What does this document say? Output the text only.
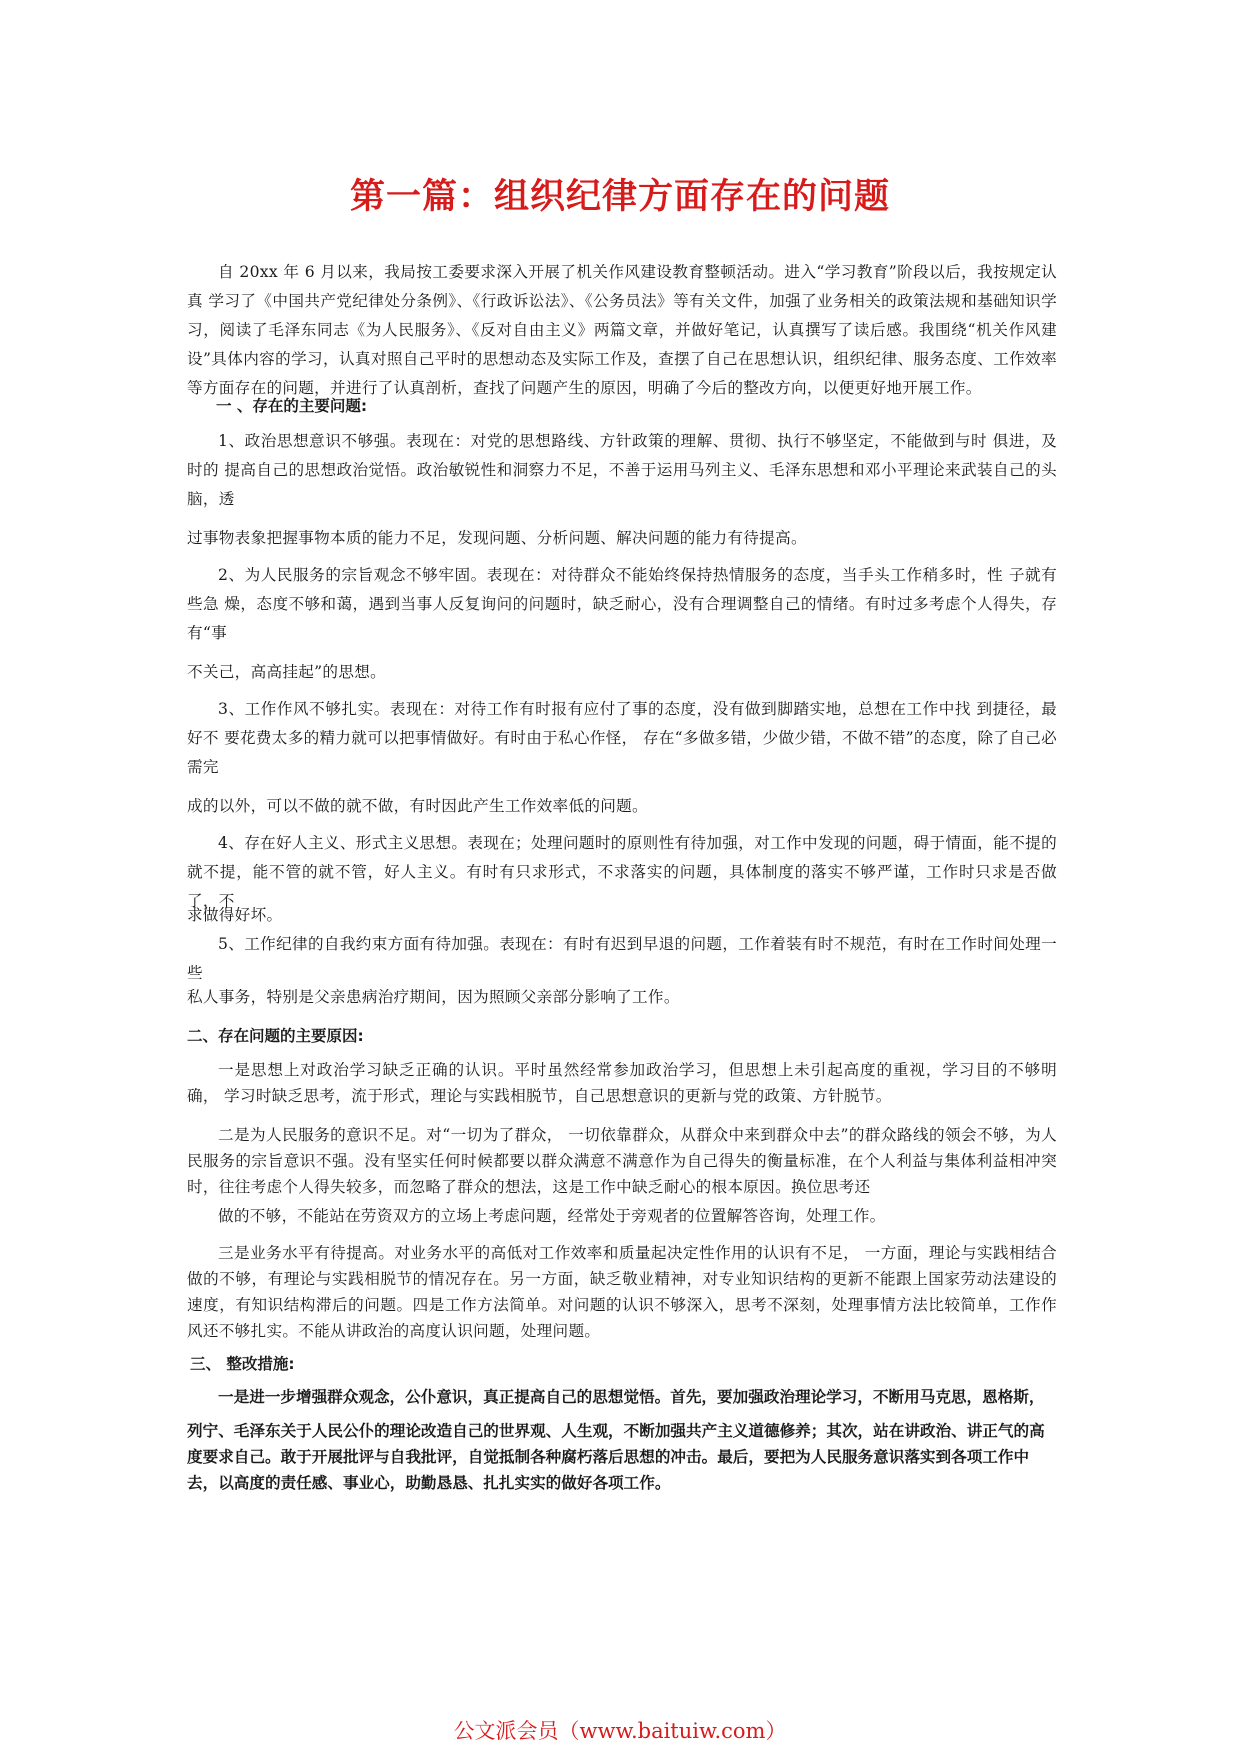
第一篇：组织纪律方面存在的问题

自 20xx 年 6 月以来，我局按工委要求深入开展了机关作风建设教育整顿活动。进入“学习教育”阶段以后，我按规定认真 学习了《中国共产党纪律处分条例》、《行政诉讼法》、《公务员法》等有关文件，加强了业务相关的政策法规和基础知识学 习，阅读了毛泽东同志《为人民服务》、《反对自由主义》两篇文章，并做好笔记，认真撰写了读后感。我围绕“机关作风建 设”具体内容的学习，认真对照自己平时的思想动态及实际工作及，查摆了自己在思想认识，组织纪律、服务态度、工作效率 等方面存在的问题，并进行了认真剖析，查找了问题产生的原因，明确了今后的整改方向，以便更好地开展工作。

一 、存在的主要问题:

1、政治思想意识不够强。表现在：对党的思想路线、方针政策的理解、贯彻、执行不够坚定，不能做到与时 俱进，及时的 提高自己的思想政治觉悟。政治敏锐性和洞察力不足，不善于运用马列主义、毛泽东思想和邓小平理论来武装自己的头脑，透

过事物表象把握事物本质的能力不足，发现问题、分析问题、解决问题的能力有待提高。

2、为人民服务的宗旨观念不够牢固。表现在：对待群众不能始终保持热情服务的态度，当手头工作稍多时，性 子就有些急 燥，态度不够和蔼，遇到当事人反复询问的问题时，缺乏耐心，没有合理调整自己的情绪。有时过多考虑个人得失，存有“事

不关己，高高挂起”的思想。

3、工作作风不够扎实。表现在：对待工作有时报有应付了事的态度，没有做到脚踏实地，总想在工作中找 到捷径，最好不 要花费太多的精力就可以把事情做好。有时由于私心作怪， 存在“多做多错，少做少错，不做不错”的态度，除了自己必需完

成的以外，可以不做的就不做，有时因此产生工作效率低的问题。

4、存在好人主义、形式主义思想。表现在；处理问题时的原则性有待加强，对工作中发现的问题，碍于情面，能不提的就不提，能不管的就不管，好人主义。有时有只求形式，不求落实的问题，具体制度的落实不够严谨，工作时只求是否做了，不

求做得好坏。

5、工作纪律的自我约束方面有待加强。表现在：有时有迟到早退的问题，工作着装有时不规范，有时在工作时间处理一些

私人事务，特别是父亲患病治疗期间，因为照顾父亲部分影响了工作。

二、存在问题的主要原因:

一是思想上对政治学习缺乏正确的认识。平时虽然经常参加政治学习，但思想上未引起高度的重视，学习目的不够明确， 学习时缺乏思考，流于形式，理论与实践相脱节，自己思想意识的更新与党的政策、方针脱节。

二是为人民服务的意识不足。对“一切为了群众， 一切依靠群众，从群众中来到群众中去”的群众路线的领会不够，为人民服务的宗旨意识不强。没有坚实任何时候都要以群众满意不满意作为自己得失的衡量标准，在个人利益与集体利益相冲突时，往往考虑个人得失较多，而忽略了群众的想法，这是工作中缺乏耐心的根本原因。换位思考还

做的不够，不能站在劳资双方的立场上考虑问题，经常处于旁观者的位置解答咨询，处理工作。

三是业务水平有待提高。对业务水平的高低对工作效率和质量起决定性作用的认识有不足， 一方面，理论与实践相结合做的不够，有理论与实践相脱节的情况存在。另一方面，缺乏敬业精神，对专业知识结构的更新不能跟上国家劳动法建设的速度，有知识结构滞后的问题。四是工作方法简单。对问题的认识不够深入，思考不深刻，处理事情方法比较简单，工作作风还不够扎实。不能从讲政治的高度认识问题，处理问题。

三、 整改措施:

一是进一步增强群众观念，公仆意识，真正提高自己的思想觉悟。首先，要加强政治理论学习，不断用马克思，恩格斯，

列宁、毛泽东关于人民公仆的理论改造自己的世界观、人生观，不断加强共产主义道德修养；其次，站在讲政治、讲正气的高度要求自己。敢于开展批评与自我批评，自觉抵制各种腐朽落后思想的冲击。最后，要把为人民服务意识落实到各项工作中去，以高度的责任感、事业心，助勤恳恳、扎扎实实的做好各项工作。

公文派会员（www.baituiw.com）
